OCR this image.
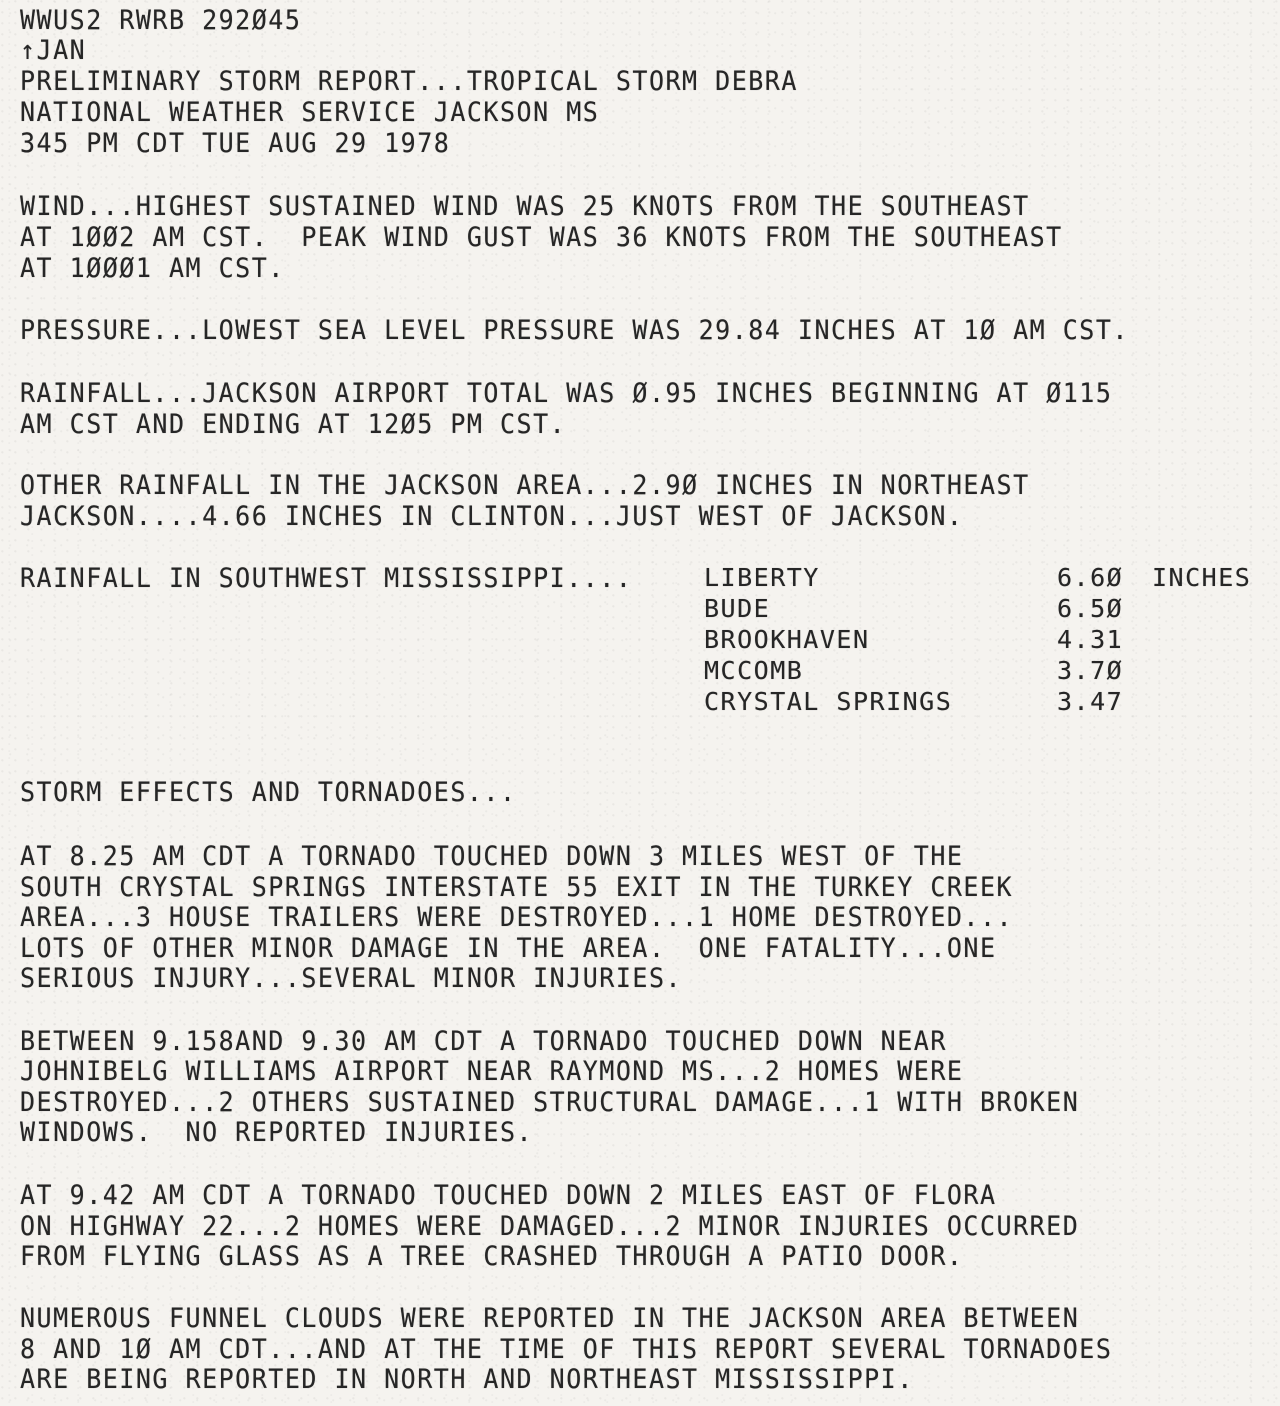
WWUS2 RWRB 292Ø45
↑JAN
PRELIMINARY STORM REPORT...TROPICAL STORM DEBRA
NATIONAL WEATHER SERVICE JACKSON MS
345 PM CDT TUE AUG 29 1978
WIND...HIGHEST SUSTAINED WIND WAS 25 KNOTS FROM THE SOUTHEAST
AT 1ØØ2 AM CST.  PEAK WIND GUST WAS 36 KNOTS FROM THE SOUTHEAST
AT 1ØØØ1 AM CST.
PRESSURE...LOWEST SEA LEVEL PRESSURE WAS 29.84 INCHES AT 1Ø AM CST.
RAINFALL...JACKSON AIRPORT TOTAL WAS Ø.95 INCHES BEGINNING AT Ø115
AM CST AND ENDING AT 12Ø5 PM CST.
OTHER RAINFALL IN THE JACKSON AREA...2.9Ø INCHES IN NORTHEAST
JACKSON....4.66 INCHES IN CLINTON...JUST WEST OF JACKSON.
RAINFALL IN SOUTHWEST MISSISSIPPI....	LIBERTY	6.6Ø INCHES
BUDE	6.5Ø
BROOKHAVEN	4.31
MCCOMB	3.7Ø
CRYSTAL SPRINGS	3.47
STORM EFFECTS AND TORNADOES...
AT 8.25 AM CDT A TORNADO TOUCHED DOWN 3 MILES WEST OF THE
SOUTH CRYSTAL SPRINGS INTERSTATE 55 EXIT IN THE TURKEY CREEK
AREA...3 HOUSE TRAILERS WERE DESTROYED...1 HOME DESTROYED...
LOTS OF OTHER MINOR DAMAGE IN THE AREA.  ONE FATALITY...ONE
SERIOUS INJURY...SEVERAL MINOR INJURIES.
BETWEEN 9.158AND 9.30 AM CDT A TORNADO TOUCHED DOWN NEAR
JOHNIBELG WILLIAMS AIRPORT NEAR RAYMOND MS...2 HOMES WERE
DESTROYED...2 OTHERS SUSTAINED STRUCTURAL DAMAGE...1 WITH BROKEN
WINDOWS.  NO REPORTED INJURIES.
AT 9.42 AM CDT A TORNADO TOUCHED DOWN 2 MILES EAST OF FLORA
ON HIGHWAY 22...2 HOMES WERE DAMAGED...2 MINOR INJURIES OCCURRED
FROM FLYING GLASS AS A TREE CRASHED THROUGH A PATIO DOOR.
NUMEROUS FUNNEL CLOUDS WERE REPORTED IN THE JACKSON AREA BETWEEN
8 AND 1Ø AM CDT...AND AT THE TIME OF THIS REPORT SEVERAL TORNADOES
ARE BEING REPORTED IN NORTH AND NORTHEAST MISSISSIPPI.
